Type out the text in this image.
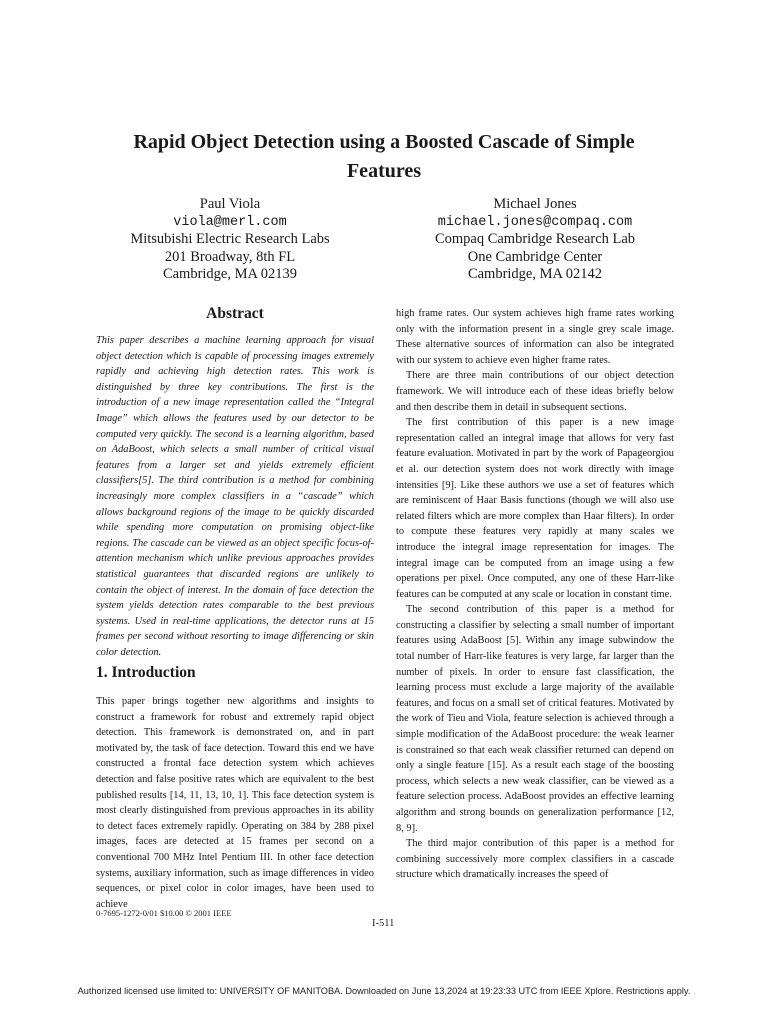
Rapid Object Detection using a Boosted Cascade of Simple
Features
Paul Viola
viola@merl.com
Mitsubishi Electric Research Labs
201 Broadway, 8th FL
Cambridge, MA 02139
Michael Jones
michael.jones@compaq.com
Compaq Cambridge Research Lab
One Cambridge Center
Cambridge, MA 02142
Abstract

This paper describes a machine learning approach for visual object detection which is capable of processing images extremely rapidly and achieving high detection rates. This work is distinguished by three key contributions. The first is the introduction of a new image representation called the “Integral Image” which allows the features used by our detector to be computed very quickly. The second is a learning algorithm, based on AdaBoost, which selects a small number of critical visual features from a larger set and yields extremely efficient classifiers[5]. The third contribution is a method for combining increasingly more complex classifiers in a “cascade” which allows background regions of the image to be quickly discarded while spending more computation on promising object-like regions. The cascade can be viewed as an object specific focus-of-attention mechanism which unlike previous approaches provides statistical guarantees that discarded regions are unlikely to contain the object of interest. In the domain of face detection the system yields detection rates comparable to the best previous systems. Used in real-time applications, the detector runs at 15 frames per second without resorting to image differencing or skin color detection.

1. Introduction

This paper brings together new algorithms and insights to construct a framework for robust and extremely rapid object detection. This framework is demonstrated on, and in part motivated by, the task of face detection. Toward this end we have constructed a frontal face detection system which achieves detection and false positive rates which are equivalent to the best published results [14, 11, 13, 10, 1]. This face detection system is most clearly distinguished from previous approaches in its ability to detect faces extremely rapidly. Operating on 384 by 288 pixel images, faces are detected at 15 frames per second on a conventional 700 MHz Intel Pentium III. In other face detection systems, auxiliary information, such as image differences in video sequences, or pixel color in color images, have been used to achieve

high frame rates. Our system achieves high frame rates working only with the information present in a single grey scale image. These alternative sources of information can also be integrated with our system to achieve even higher frame rates.

There are three main contributions of our object detection framework. We will introduce each of these ideas briefly below and then describe them in detail in subsequent sections.

The first contribution of this paper is a new image representation called an integral image that allows for very fast feature evaluation. Motivated in part by the work of Papageorgiou et al. our detection system does not work directly with image intensities [9]. Like these authors we use a set of features which are reminiscent of Haar Basis functions (though we will also use related filters which are more complex than Haar filters). In order to compute these features very rapidly at many scales we introduce the integral image representation for images. The integral image can be computed from an image using a few operations per pixel. Once computed, any one of these Harr-like features can be computed at any scale or location in constant time.

The second contribution of this paper is a method for constructing a classifier by selecting a small number of important features using AdaBoost [5]. Within any image subwindow the total number of Harr-like features is very large, far larger than the number of pixels. In order to ensure fast classification, the learning process must exclude a large majority of the available features, and focus on a small set of critical features. Motivated by the work of Tieu and Viola, feature selection is achieved through a simple modification of the AdaBoost procedure: the weak learner is constrained so that each weak classifier returned can depend on only a single feature [15]. As a result each stage of the boosting process, which selects a new weak classifier, can be viewed as a feature selection process. AdaBoost provides an effective learning algorithm and strong bounds on generalization performance [12, 8, 9].

The third major contribution of this paper is a method for combining successively more complex classifiers in a cascade structure which dramatically increases the speed of

0-7695-1272-0/01 $10.00 © 2001 IEEE
I-511
Authorized licensed use limited to: UNIVERSITY OF MANITOBA. Downloaded on June 13,2024 at 19:23:33 UTC from IEEE Xplore. Restrictions apply.
